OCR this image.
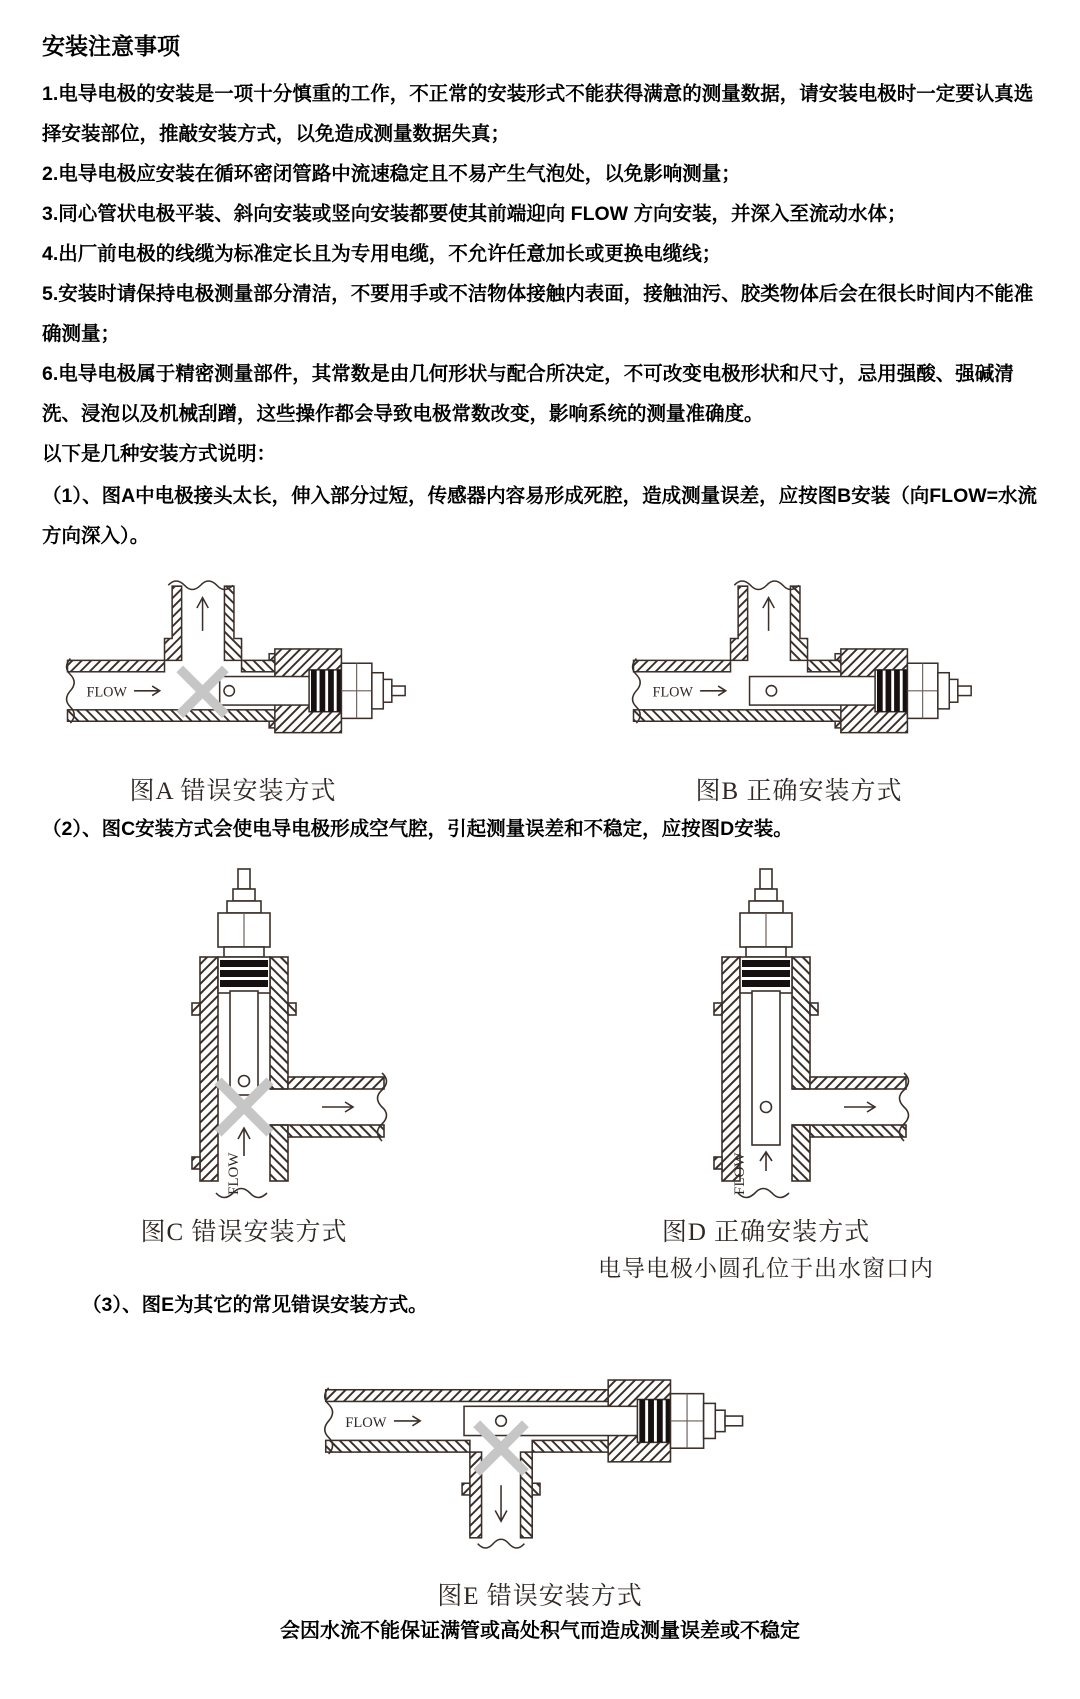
安装注意事项

1.电导电极的安装是一项十分慎重的工作，不正常的安装形式不能获得满意的测量数据，请安装电极时一定要认真选择安装部位，推敲安装方式，以免造成测量数据失真；

2.电导电极应安装在循环密闭管路中流速稳定且不易产生气泡处，以免影响测量；

3.同心管状电极平装、斜向安装或竖向安装都要使其前端迎向 FLOW 方向安装，并深入至流动水体；

4.出厂前电极的线缆为标准定长且为专用电缆，不允许任意加长或更换电缆线；

5.安装时请保持电极测量部分清洁，不要用手或不洁物体接触内表面，接触油污、胶类物体后会在很长时间内不能准确测量；

6.电导电极属于精密测量部件，其常数是由几何形状与配合所决定，不可改变电极形状和尺寸，忌用强酸、强碱清洗、浸泡以及机械刮蹭，这些操作都会导致电极常数改变，影响系统的测量准确度。

以下是几种安装方式说明：

（1）、图A中电极接头太长，伸入部分过短，传感器内容易形成死腔，造成测量误差，应按图B安装（向FLOW=水流方向深入）。

FLOW
图A 错误安装方式
FLOW
图B 正确安装方式

（2）、图C安装方式会使电导电极形成空气腔，引起测量误差和不稳定，应按图D安装。

FLOW
图C 错误安装方式
FLOW
图D 正确安装方式
电导电极小圆孔位于出水窗口内

（3）、图E为其它的常见错误安装方式。

FLOW
图E 错误安装方式
会因水流不能保证满管或高处积气而造成测量误差或不稳定
